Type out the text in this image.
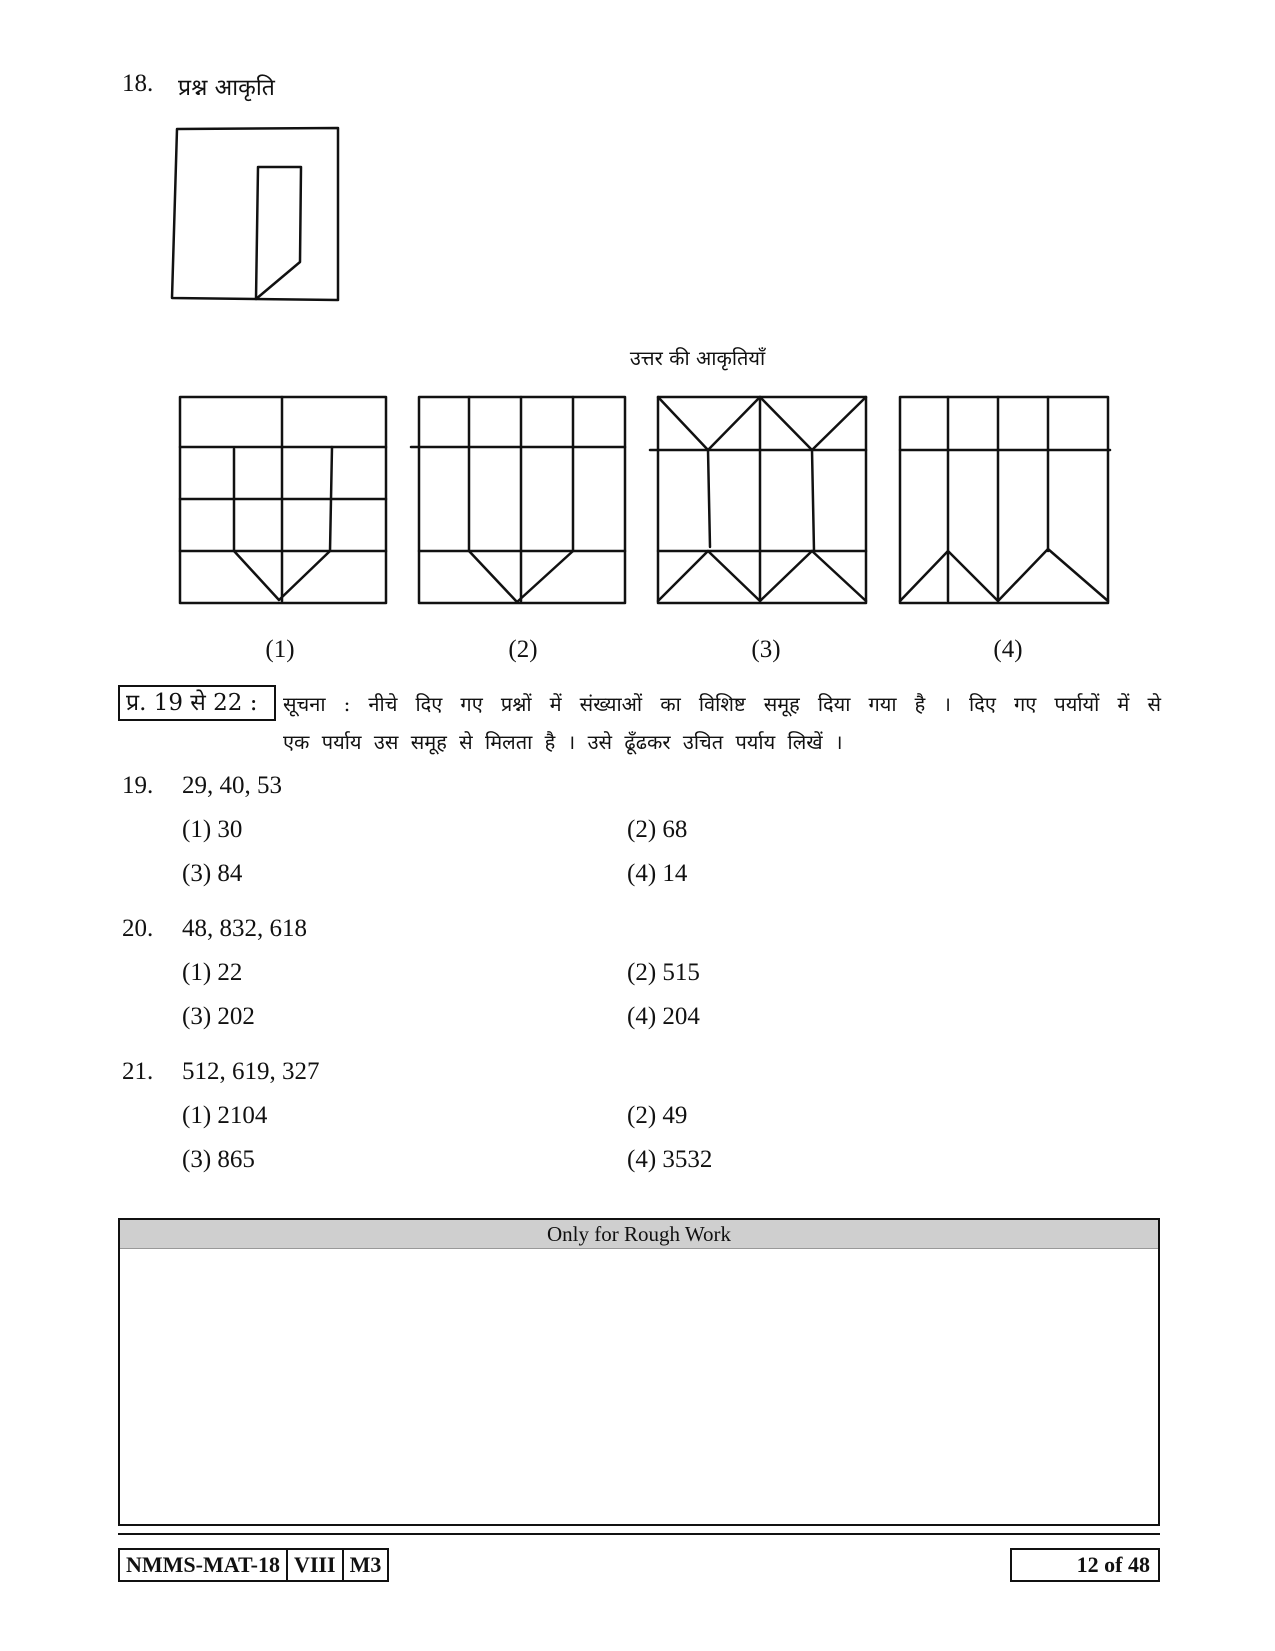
18. प्रश्न आकृति
उत्तर की आकृतियाँ
(1)	(2)	(3)	(4)
प्र. 19 से 22 :	सूचना : नीचे दिए गए प्रश्नों में संख्याओं का विशिष्ट समूह दिया गया है । दिए गए पर्यायों में से
एक पर्याय उस समूह से मिलता है । उसे ढूँढकर उचित पर्याय लिखें ।
19. 29, 40, 53
(1) 30	(2) 68
(3) 84	(4) 14
20. 48, 832, 618
(1) 22	(2) 515
(3) 202	(4) 204
21. 512, 619, 327
(1) 2104	(2) 49
(3) 865	(4) 3532
Only for Rough Work
NMMS-MAT-18 VIII M3	12 of 48
